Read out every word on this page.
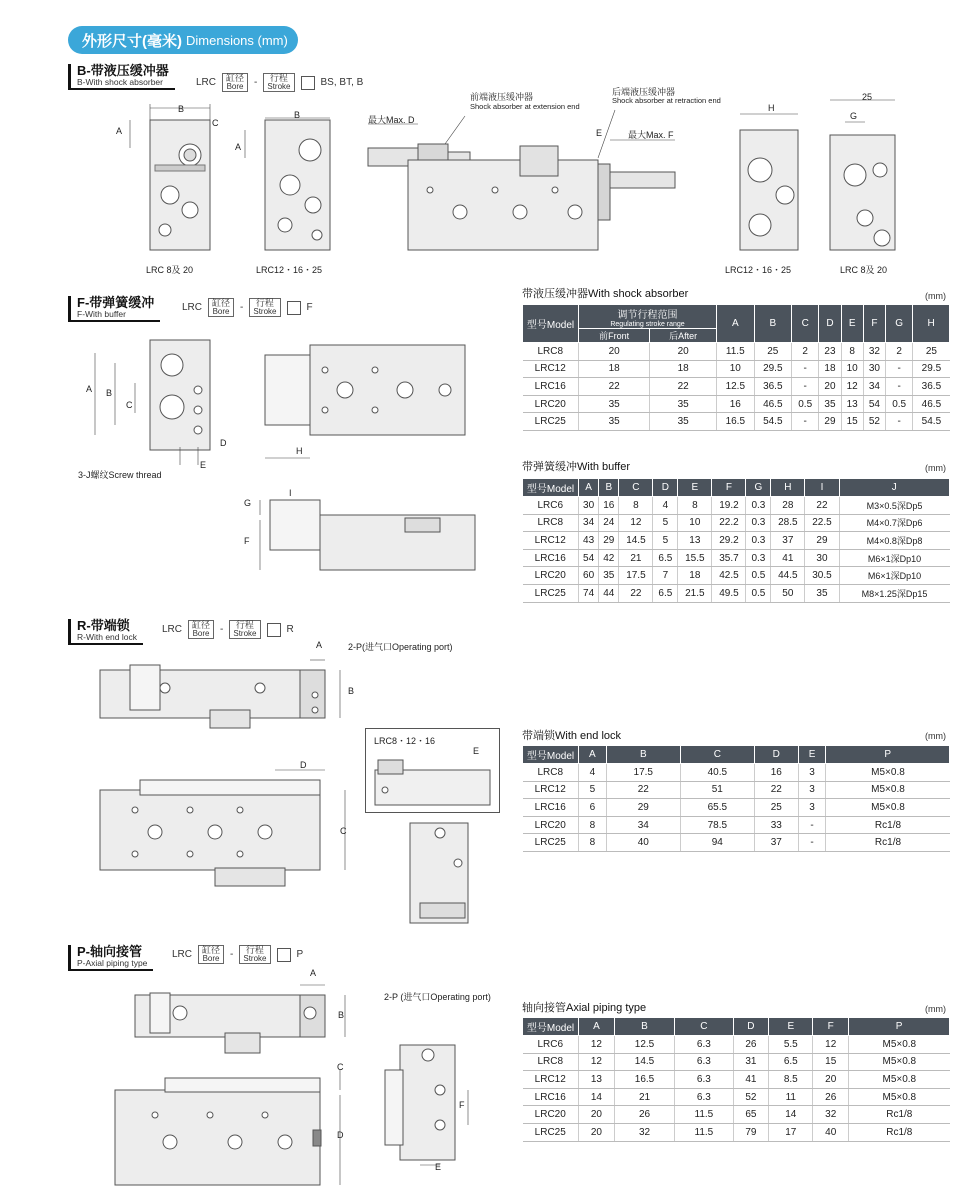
外形尺寸(毫米) Dimensions (mm)
B-带液压缓冲器
B-With shock absorber	LRC 缸径
Bore	- 行程
Stroke	BS, BT, B
B
C
A
LRC 8及 20
B
A
LRC12・16・25
前端液压缓冲器
Shock absorber at extension end
后端液压缓冲器
Shock absorber at retraction end
最大Max. D
最大Max. F
E
H
LRC12・16・25
25
G
LRC 8及 20
带液压缓冲器With shock absorber	(mm)
型号Model	调节行程范围
Regulating stroke range		A	B	C	D	E	F	G	H
	前Front	后After								
LRC8	20	20	11.5	25	2	23	8	32	2	25
LRC12	18	18	10	29.5	-	18	10	30	-	29.5
LRC16	22	22	12.5	36.5	-	20	12	34	-	36.5
LRC20	35	35	16	46.5	0.5	35	13	54	0.5	46.5
LRC25	35	35	16.5	54.5	-	29	15	52	-	54.5
F-带弹簧缓冲
F-With buffer
LRC 缸径
Bore	- 行程
Stroke	F
A B
C
D
E
3-J螺纹Screw thread
H
I
G
F
带弹簧缓冲With buffer	(mm)
型号Model	A	B	C	D	E	F	G	H	I	J
LRC6	30	16	8	4	8	19.2	0.3	28	22	M3×0.5深Dp5
LRC8	34	24	12	5	10	22.2	0.3	28.5	22.5	M4×0.7深Dp6
LRC12	43	29	14.5	5	13	29.2	0.3	37	29	M4×0.8深Dp8
LRC16	54	42	21	6.5	15.5	35.7	0.3	41	30	M6×1深Dp10
LRC20	60	35	17.5	7	18	42.5	0.5	44.5	30.5	M6×1深Dp10
LRC25	74	44	22	6.5	21.5	49.5	0.5	50	35	M8×1.25深Dp15
R-带端锁
R-With end lock
LRC 缸径
Bore	- 行程
Stroke	R
A
B
2-P(进气口Operating port)
D
C
LRC8・12・16
E
带端锁With end lock	(mm)
型号Model	A	B	C	D	E	P
LRC8	4	17.5	40.5	16	3	M5×0.8
LRC12	5	22	51	22	3	M5×0.8
LRC16	6	29	65.5	25	3	M5×0.8
LRC20	8	34	78.5	33	-	Rc1/8
LRC25	8	40	94	37	-	Rc1/8
P-轴向接管
P-Axial piping type
LRC 缸径
Bore	- 行程
Stroke	P
A
B
C
D
2-P (进气口Operating port)
F
E
轴向接管Axial piping type	(mm)
型号Model	A	B	C	D	E	F	P
LRC6	12	12.5	6.3	26	5.5	12	M5×0.8
LRC8	12	14.5	6.3	31	6.5	15	M5×0.8
LRC12	13	16.5	6.3	41	8.5	20	M5×0.8
LRC16	14	21	6.3	52	11	26	M5×0.8
LRC20	20	26	11.5	65	14	32	Rc1/8
LRC25	20	32	11.5	79	17	40	Rc1/8
